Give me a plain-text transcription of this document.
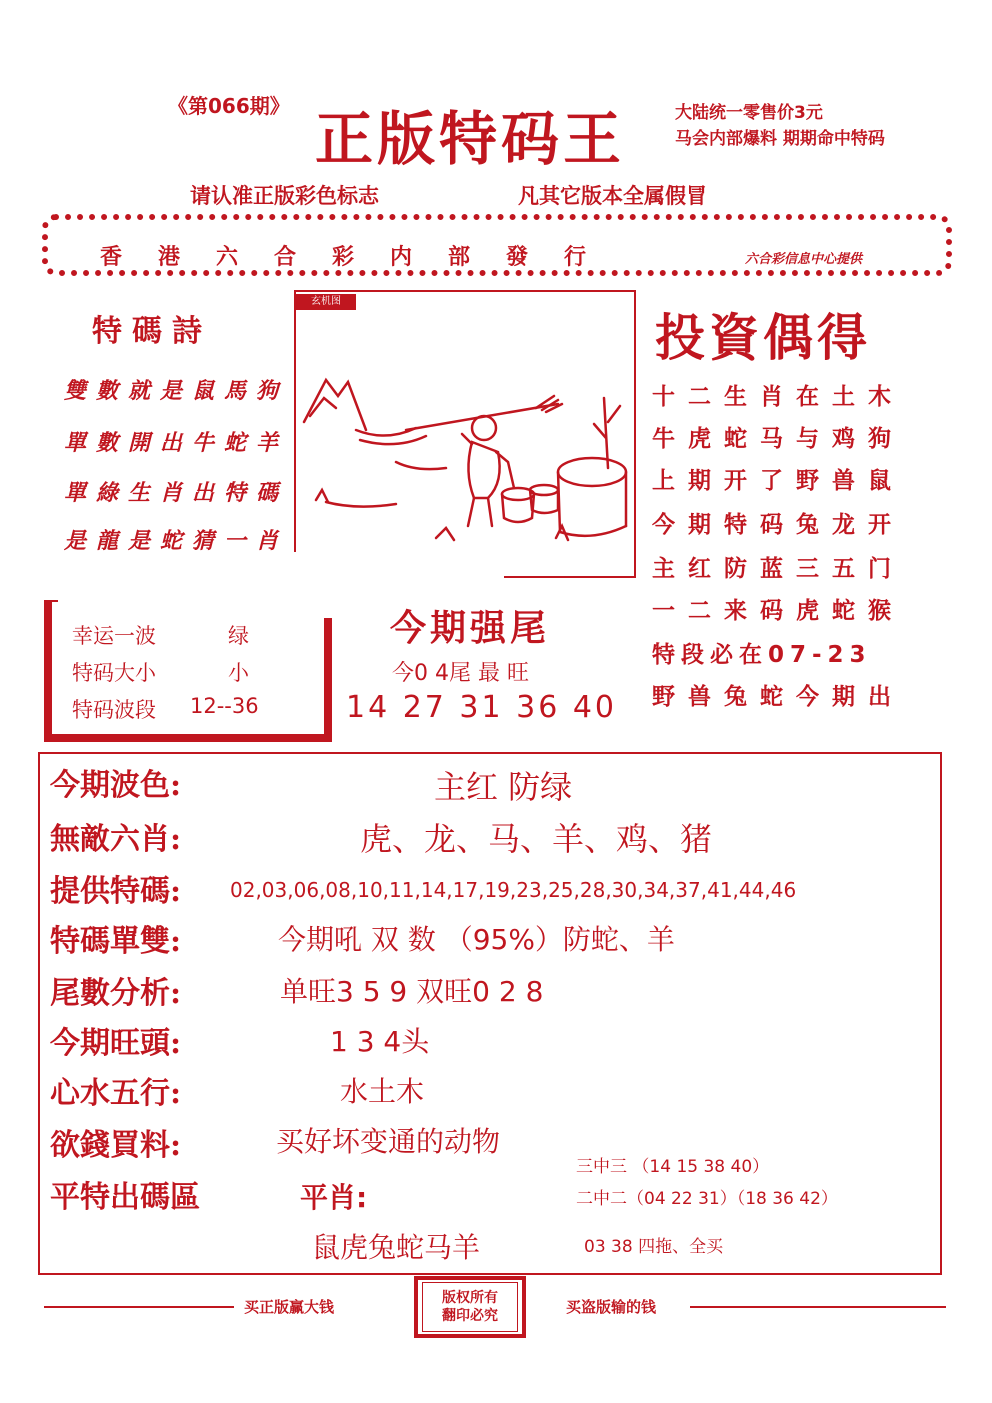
《第066期》 正版特码王	大陆统一零售价3元
马会内部爆料 期期命中特码
请认准正版彩色标志	凡其它版本全属假冒
香港六合彩内部發行	六合彩信息中心提供
特碼詩
雙數就是鼠馬狗
單數開出牛蛇羊
單綠生肖出特碼
是龍是蛇猜一肖
玄机图
投資偶得
十二生肖在土木
牛虎蛇马与鸡狗
上期开了野兽鼠
今期特码兔龙开
主红防蓝三五门
一二来码虎蛇猴
特段必在07-23
野兽兔蛇今期出
幸运一波	绿
特码大小	小
特码波段 12--36
今期强尾
今0 4尾 最 旺
14 27 31 36 40
今期波色:	主红 防绿
無敵六肖:	虎、龙、马、羊、鸡、猪
提供特碼: 02,03,06,08,10,11,14,17,19,23,25,28,30,34,37,41,44,46
特碼單雙:	今期吼 双 数 （95%）防蛇、羊
尾數分析:	单旺3 5 9 双旺0 2 8
今期旺頭:	1 3 4头
心水五行:	水土木
欲錢買料:	买好坏变通的动物
平特出碼區	平肖:
鼠虎兔蛇马羊
三中三 （14 15 38 40）
二中二（04 22 31）（18 36 42）
03 38 四拖、全买
买正版赢大钱	版权所有
翻印必究	买盗版输的钱
